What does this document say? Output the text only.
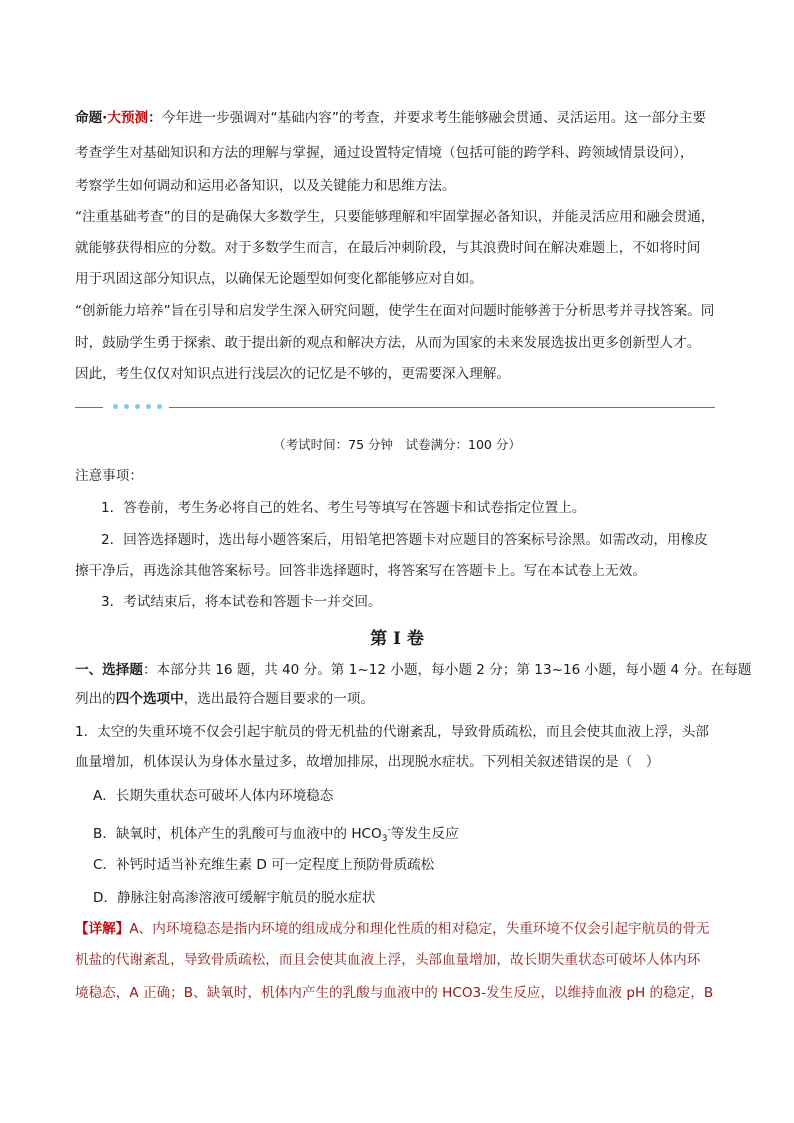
命题·大预测：今年进一步强调对“基础内容”的考查，并要求考生能够融会贯通、灵活运用。这一部分主要
考查学生对基础知识和方法的理解与掌握，通过设置特定情境（包括可能的跨学科、跨领域情景设问），
考察学生如何调动和运用必备知识，以及关键能力和思维方法。
“注重基础考查”的目的是确保大多数学生，只要能够理解和牢固掌握必备知识，并能灵活应用和融会贯通，
就能够获得相应的分数。对于多数学生而言，在最后冲刺阶段，与其浪费时间在解决难题上，不如将时间
用于巩固这部分知识点，以确保无论题型如何变化都能够应对自如。
“创新能力培养”旨在引导和启发学生深入研究问题，使学生在面对问题时能够善于分析思考并寻找答案。同
时，鼓励学生勇于探索、敢于提出新的观点和解决方法，从而为国家的未来发展选拔出更多创新型人才。
因此，考生仅仅对知识点进行浅层次的记忆是不够的，更需要深入理解。
（考试时间：75 分钟　试卷满分：100 分）
注意事项：
1．答卷前，考生务必将自己的姓名、考生号等填写在答题卡和试卷指定位置上。
2．回答选择题时，选出每小题答案后，用铅笔把答题卡对应题目的答案标号涂黑。如需改动，用橡皮
擦干净后，再选涂其他答案标号。回答非选择题时，将答案写在答题卡上。写在本试卷上无效。
3．考试结束后，将本试卷和答题卡一并交回。
第 I 卷
一、选择题：本部分共 16 题，共 40 分。第 1~12 小题，每小题 2 分；第 13~16 小题，每小题 4 分。在每题
列出的四个选项中，选出最符合题目要求的一项。
1．太空的失重环境不仅会引起宇航员的骨无机盐的代谢紊乱，导致骨质疏松，而且会使其血液上浮，头部
血量增加，机体误认为身体水量过多，故增加排尿，出现脱水症状。下列相关叙述错误的是（　）
A．长期失重状态可破坏人体内环境稳态
B．缺氧时，机体产生的乳酸可与血液中的 $HCO_3^-$等发生反应
C．补钙时适当补充维生素 D 可一定程度上预防骨质疏松
D．静脉注射高渗溶液可缓解宇航员的脱水症状
【详解】A、内环境稳态是指内环境的组成成分和理化性质的相对稳定，失重环境不仅会引起宇航员的骨无
机盐的代谢紊乱，导致骨质疏松，而且会使其血液上浮，头部血量增加，故长期失重状态可破坏人体内环
境稳态，A 正确；B、缺氧时，机体内产生的乳酸与血液中的 HCO3-发生反应，以维持血液 pH 的稳定，B
